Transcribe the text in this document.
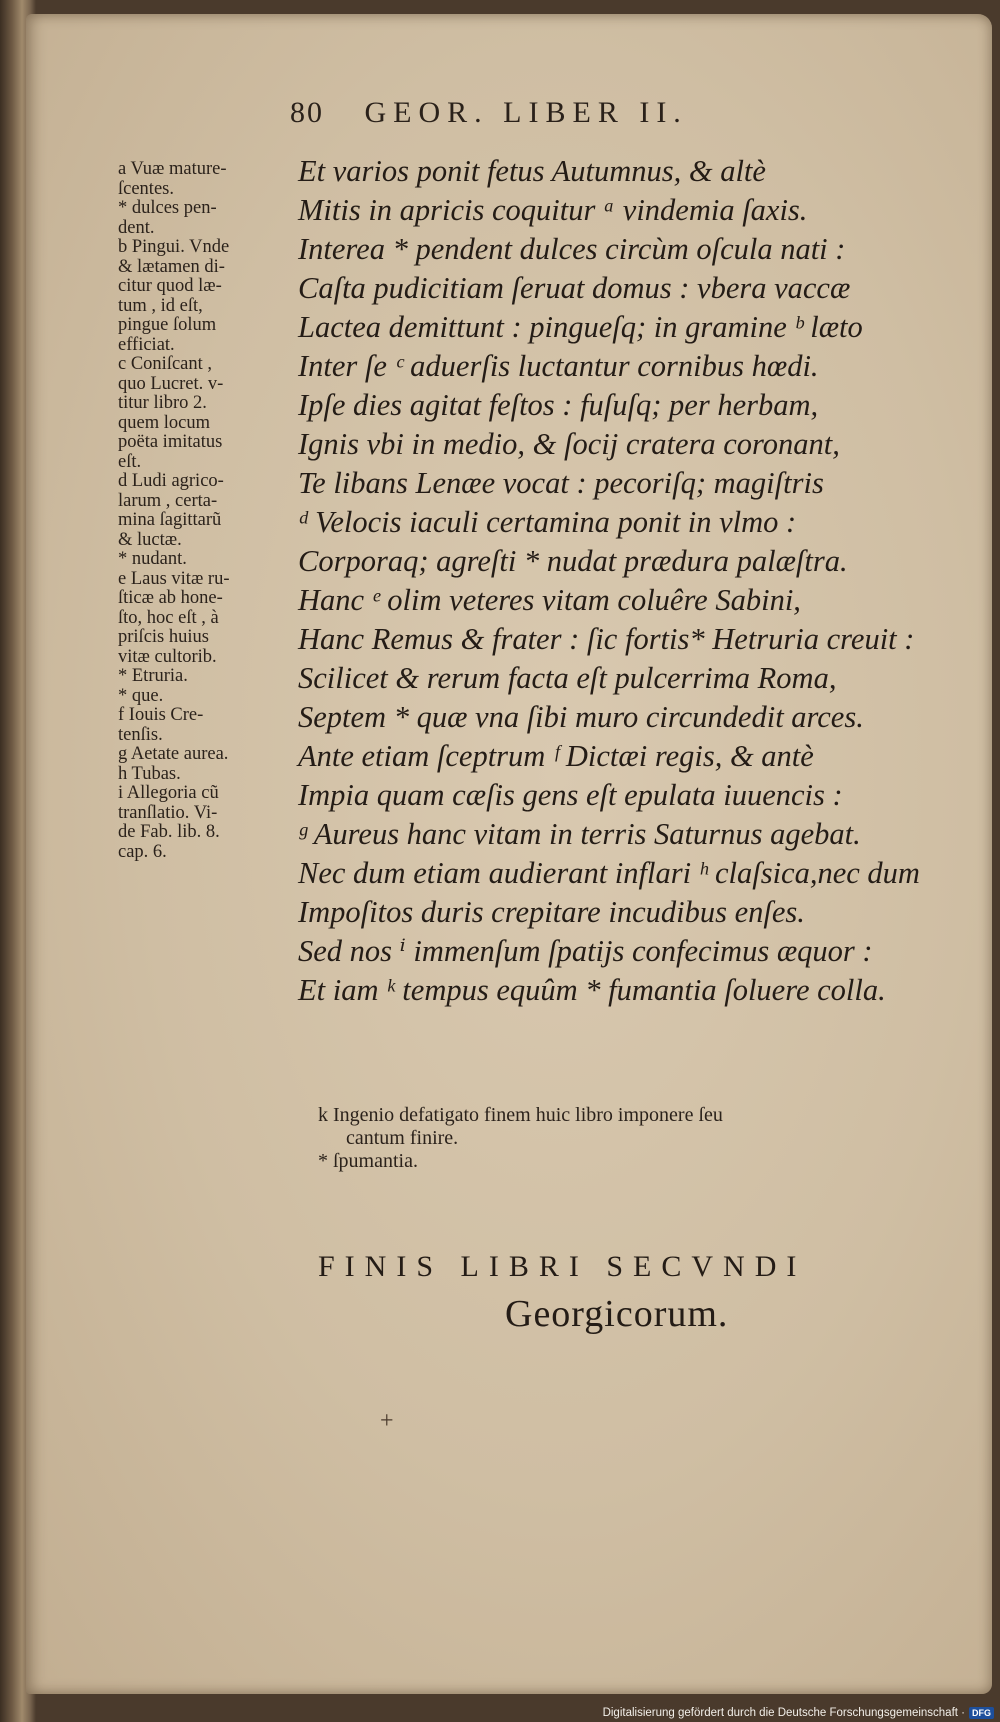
80 GEOR. LIBER II.
a Vuæ mature-
ſcentes.
* dulces pen-
dent.
b Pingui. Vnde
& lætamen di-
citur quod læ-
tum , id eſt,
pingue ſolum
efficiat.
c Coniſcant ,
quo Lucret. v-
titur libro 2.
quem locum
poëta imitatus
eſt.
d Ludi agrico-
larum , certa-
mina ſagittarũ
& luctæ.
* nudant.
e Laus vitæ ru-
ſticæ ab hone-
ſto, hoc eſt , à
priſcis huius
vitæ cultorib.
* Etruria.
* que.
f Iouis Cre-
tenſis.
g Aetate aurea.
h Tubas.
i Allegoria cũ
tranſlatio. Vi-
de Fab. lib. 8.
cap. 6.
Et varios ponit fetus Autumnus, & altè
Mitis in apricis coquitur ᵃ vindemia ſaxis.
Interea * pendent dulces circùm oſcula nati :
Caſta pudicitiam ſeruat domus : vbera vaccæ
Lactea demittunt : pingueſq; in gramine ᵇ læto
Inter ſe ᶜ aduerſis luctantur cornibus hœdi.
Ipſe dies agitat feſtos : fuſuſq; per herbam,
Ignis vbi in medio, & ſocij cratera coronant,
Te libans Lenæe vocat : pecoriſq; magiſtris
ᵈ Velocis iaculi certamina ponit in vlmo :
Corporaq; agreſti * nudat prædura palæſtra.
Hanc ᵉ olim veteres vitam coluêre Sabini,
Hanc Remus & frater : ſic fortis* Hetruria creuit :
Scilicet & rerum facta eſt pulcerrima Roma,
Septem * quæ vna ſibi muro circundedit arces.
Ante etiam ſceptrum ᶠ Dictæi regis, & antè
Impia quam cæſis gens eſt epulata iuuencis :
ᵍ Aureus hanc vitam in terris Saturnus agebat.
Nec dum etiam audierant inflari ʰ claſsica,nec dum
Impoſitos duris crepitare incudibus enſes.
Sed nos ⁱ immenſum ſpatijs confecimus æquor :
Et iam ᵏ tempus equûm * fumantia ſoluere colla.
k Ingenio defatigato finem huic libro imponere ſeu
cantum finire.
* ſpumantia.
FINIS LIBRI SECVNDI
Georgicorum.
+
Digitalisierung gefördert durch die Deutsche Forschungsgemeinschaft · DFG
